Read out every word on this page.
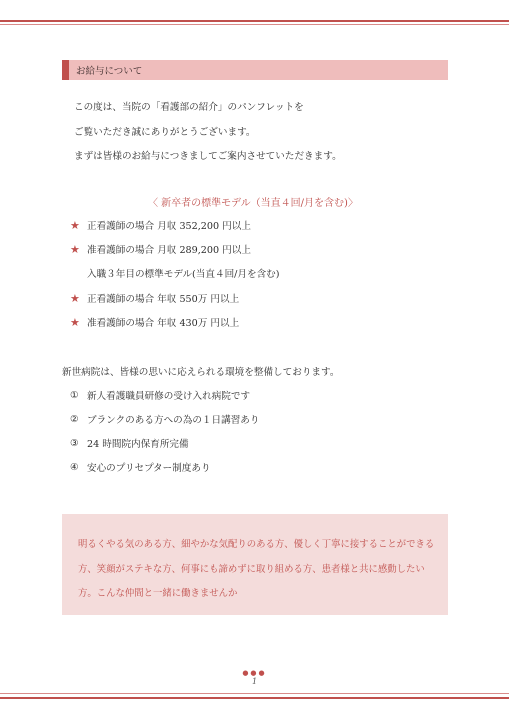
お給与について
この度は、当院の「看護部の紹介」のパンフレットを
ご覧いただき誠にありがとうございます。
まずは皆様のお給与につきましてご案内させていただきます。
〈 新卒者の標準モデル（当直４回/月を含む)〉
★ 正看護師の場合 月収 352,200 円以上
★ 准看護師の場合 月収 289,200 円以上
入職３年目の標準モデル(当直４回/月を含む)
★ 正看護師の場合 年収 550万 円以上
★ 准看護師の場合 年収 430万 円以上
新世病院は、皆様の思いに応えられる環境を整備しております。
① 新人看護職員研修の受け入れ病院です
② ブランクのある方への為の１日講習あり
③ 24 時間院内保育所完備
④ 安心のプリセプター制度あり
明るくやる気のある方、細やかな気配りのある方、優しく丁寧に接することができる
方、笑顔がステキな方、何事にも諦めずに取り組める方、患者様と共に感動したい
方。こんな仲間と一緒に働きませんか
●●●
1
